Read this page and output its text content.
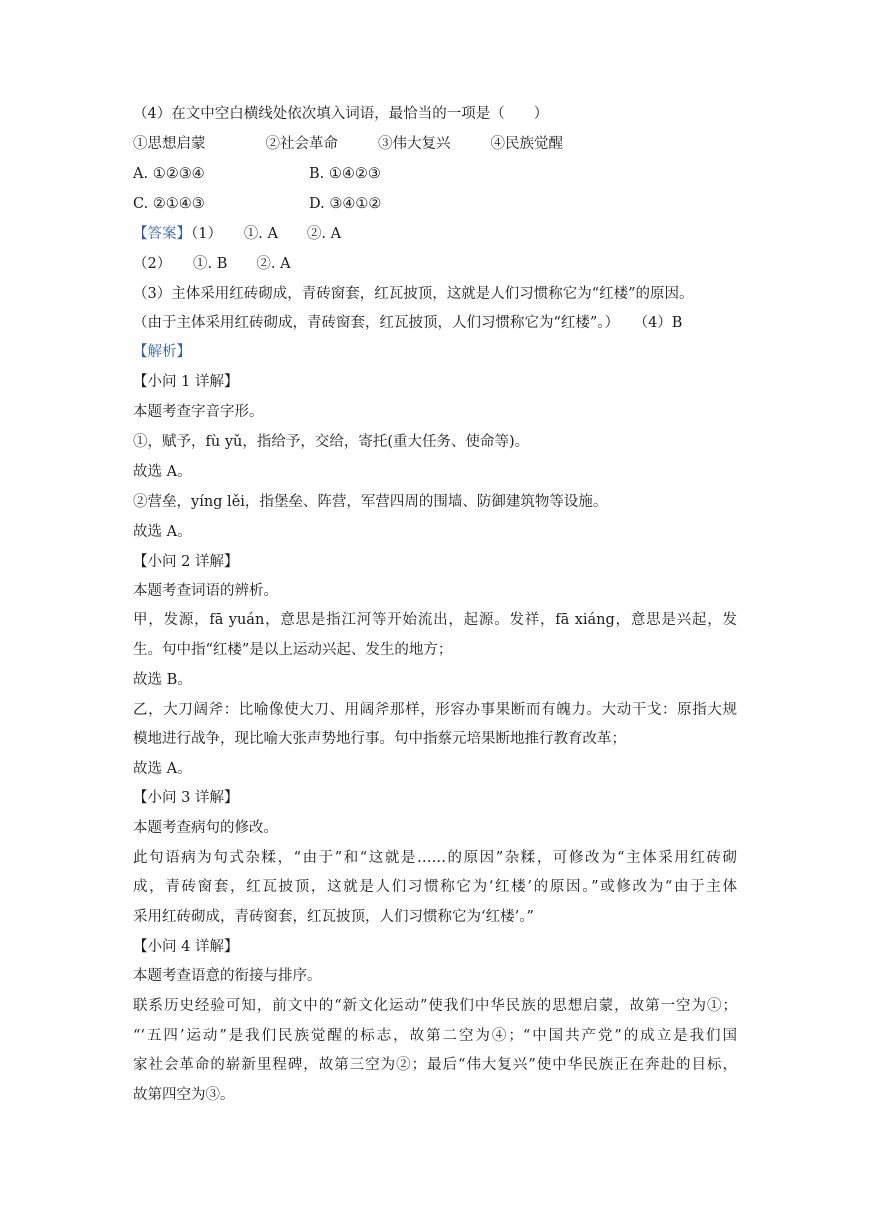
（4）在文中空白横线处依次填入词语，最恰当的一项是（　　）
①思想启蒙	②社会革命	③伟大复兴	④民族觉醒
A. ①②③④	B. ①④②③
C. ②①④③	D. ③④①②
【答案】（1）　　①. A　　②. A
（2）　　①. B　　②. A
（3）主体采用红砖砌成，青砖窗套，红瓦披顶，这就是人们习惯称它为“红楼”的原因。
（由于主体采用红砖砌成，青砖窗套，红瓦披顶，人们习惯称它为“红楼”。）　　（4）B
【解析】
【小问 1 详解】
本题考查字音字形。
①，赋予，fù yǔ，指给予，交给，寄托(重大任务、使命等)。
故选 A。
②营垒，yíng lěi，指堡垒、阵营，军营四周的围墙、防御建筑物等设施。
故选 A。
【小问 2 详解】
本题考查词语的辨析。
甲，发源，fā yuán，意思是指江河等开始流出，起源。发祥，fā xiáng，意思是兴起，发
生。句中指“红楼”是以上运动兴起、发生的地方；
故选 B。
乙，大刀阔斧：比喻像使大刀、用阔斧那样，形容办事果断而有魄力。大动干戈：原指大规
模地进行战争，现比喻大张声势地行事。句中指蔡元培果断地推行教育改革；
故选 A。
【小问 3 详解】
本题考查病句的修改。
此句语病为句式杂糅，“由于”和“这就是……的原因”杂糅，可修改为“主体采用红砖砌
成，青砖窗套，红瓦披顶，这就是人们习惯称它为‘红楼’的原因。”或修改为“由于主体
采用红砖砌成，青砖窗套，红瓦披顶，人们习惯称它为‘红楼’。”
【小问 4 详解】
本题考查语意的衔接与排序。
联系历史经验可知，前文中的“新文化运动”使我们中华民族的思想启蒙，故第一空为①；
“‘五四’运动”是我们民族觉醒的标志，故第二空为④；“中国共产党”的成立是我们国
家社会革命的崭新里程碑，故第三空为②；最后“伟大复兴”使中华民族正在奔赴的目标，
故第四空为③。
